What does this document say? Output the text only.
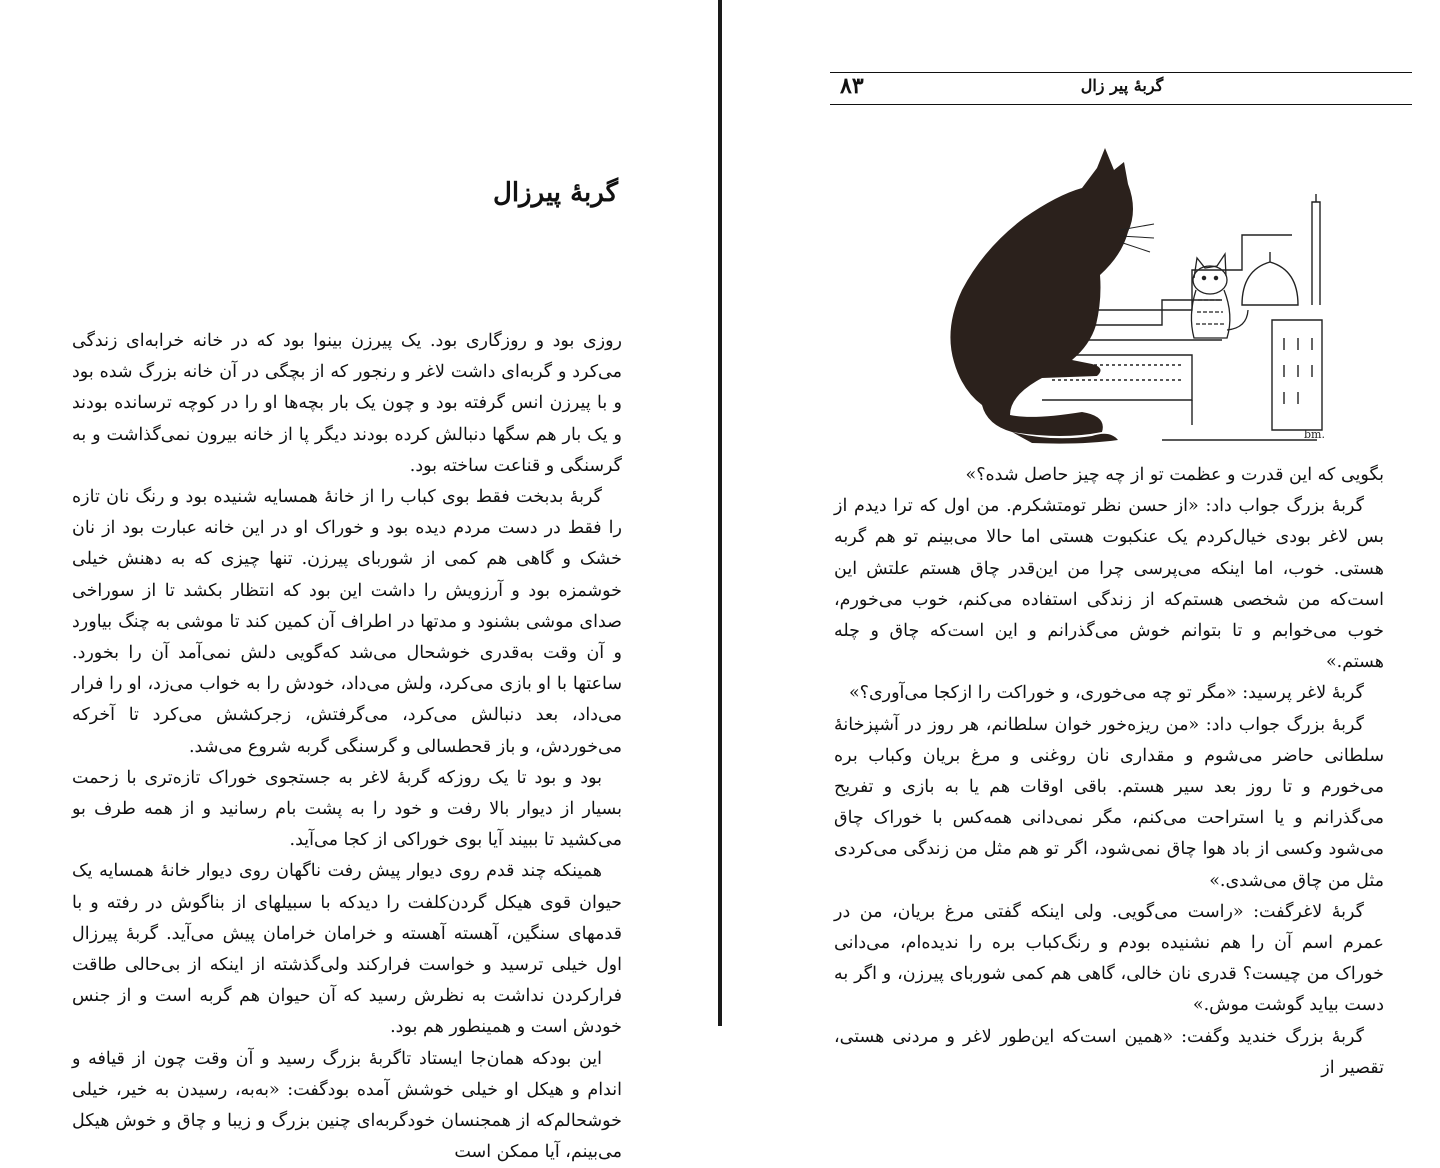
گربهٔ پیرزال

روزی بود و روزگاری بود. یک پیرزن بینوا بود که در خانه خرابه‌ای زندگی می‌کرد و گربه‌ای داشت لاغر و رنجور که از بچگی در آن خانه بزرگ شده بود و با پیرزن انس گرفته بود و چون یک بار بچه‌ها او را در کوچه ترسانده بودند و یک بار هم سگها دنبالش کرده بودند دیگر پا از خانه بیرون نمی‌گذاشت و به گرسنگی و قناعت ساخته بود.

گربهٔ بدبخت فقط بوی کباب را از خانهٔ همسایه شنیده بود و رنگ نان تازه را فقط در دست مردم دیده بود و خوراک او در این خانه عبارت بود از نان خشک و گاهی هم کمی از شوربای پیرزن. تنها چیزی که به دهنش خیلی خوشمزه بود و آرزویش را داشت این بود که انتظار بکشد تا از سوراخی صدای موشی بشنود و مدتها در اطراف آن کمین کند تا موشی به چنگ بیاورد و آن وقت به‌قدری خوشحال می‌شد که‌گویی دلش نمی‌آمد آن را بخورد. ساعتها با او بازی می‌کرد، ولش می‌داد، خودش را به خواب می‌زد، او را فرار می‌داد، بعد دنبالش می‌کرد، می‌گرفتش، زجرکشش می‌کرد تا آخرکه می‌خوردش، و باز قحطسالی و گرسنگی گربه شروع می‌شد.

بود و بود تا یک روزکه گربهٔ لاغر به جستجوی خوراک تازه‌تری با زحمت بسیار از دیوار بالا رفت و خود را به پشت بام رسانید و از همه طرف بو می‌کشید تا ببیند آیا بوی خوراکی از کجا می‌آید.

همینکه چند قدم روی دیوار پیش رفت ناگهان روی دیوار خانهٔ همسایه یک حیوان قوی هیکل گردن‌کلفت را دیدکه با سبیلهای از بناگوش در رفته و با قدمهای سنگین، آهسته آهسته و خرامان خرامان پیش می‌آید. گربهٔ پیرزال اول خیلی ترسید و خواست فرارکند ولی‌گذشته از اینکه از بی‌حالی طاقت فرارکردن نداشت به نظرش رسید که آن حیوان هم گربه است و از جنس خودش است و همینطور هم بود.

این بودکه همان‌جا ایستاد تاگربهٔ بزرگ رسید و آن وقت چون از قیافه و اندام و هیکل او خیلی خوشش آمده بودگفت: «به‌به، رسیدن به خیر، خیلی خوشحالم‌که از همجنسان خودگربه‌ای چنین بزرگ و زیبا و چاق و خوش هیکل می‌بینم، آیا ممکن است

گربهٔ پیر زال
۸۳
bm.

بگویی که این قدرت و عظمت تو از چه چیز حاصل شده؟»

گربهٔ بزرگ جواب داد: «از حسن نظر تومتشکرم. من اول که ترا دیدم از بس لاغر بودی خیال‌کردم یک عنکبوت هستی اما حالا می‌بینم تو هم گربه هستی. خوب، اما اینکه می‌پرسی چرا من این‌قدر چاق هستم علتش این است‌که من شخصی هستم‌که از زندگی استفاده می‌کنم، خوب می‌خورم، خوب می‌خوابم و تا بتوانم خوش می‌گذرانم و این است‌که چاق و چله هستم.»

گربهٔ لاغر پرسید: «مگر تو چه می‌خوری، و خوراکت را ازکجا می‌آوری؟»

گربهٔ بزرگ جواب داد: «من ریزه‌خور خوان سلطانم، هر روز در آشپزخانهٔ سلطانی حاضر می‌شوم و مقداری نان روغنی و مرغ بریان وکباب بره می‌خورم و تا روز بعد سیر هستم. باقی اوقات هم یا به بازی و تفریح می‌گذرانم و یا استراحت می‌کنم، مگر نمی‌دانی همه‌کس با خوراک چاق می‌شود وکسی از باد هوا چاق نمی‌شود، اگر تو هم مثل من زندگی می‌کردی مثل من چاق می‌شدی.»

گربهٔ لاغرگفت: «راست می‌گویی. ولی اینکه گفتی مرغ بریان، من در عمرم اسم آن را هم نشنیده بودم و رنگ‌کباب بره را ندیده‌ام، می‌دانی خوراک من چیست؟ قدری نان خالی، گاهی هم کمی شوربای پیرزن، و اگر به دست بیاید گوشت موش.»

گربهٔ بزرگ خندید وگفت: «همین است‌که این‌طور لاغر و مردنی هستی، تقصیر از
